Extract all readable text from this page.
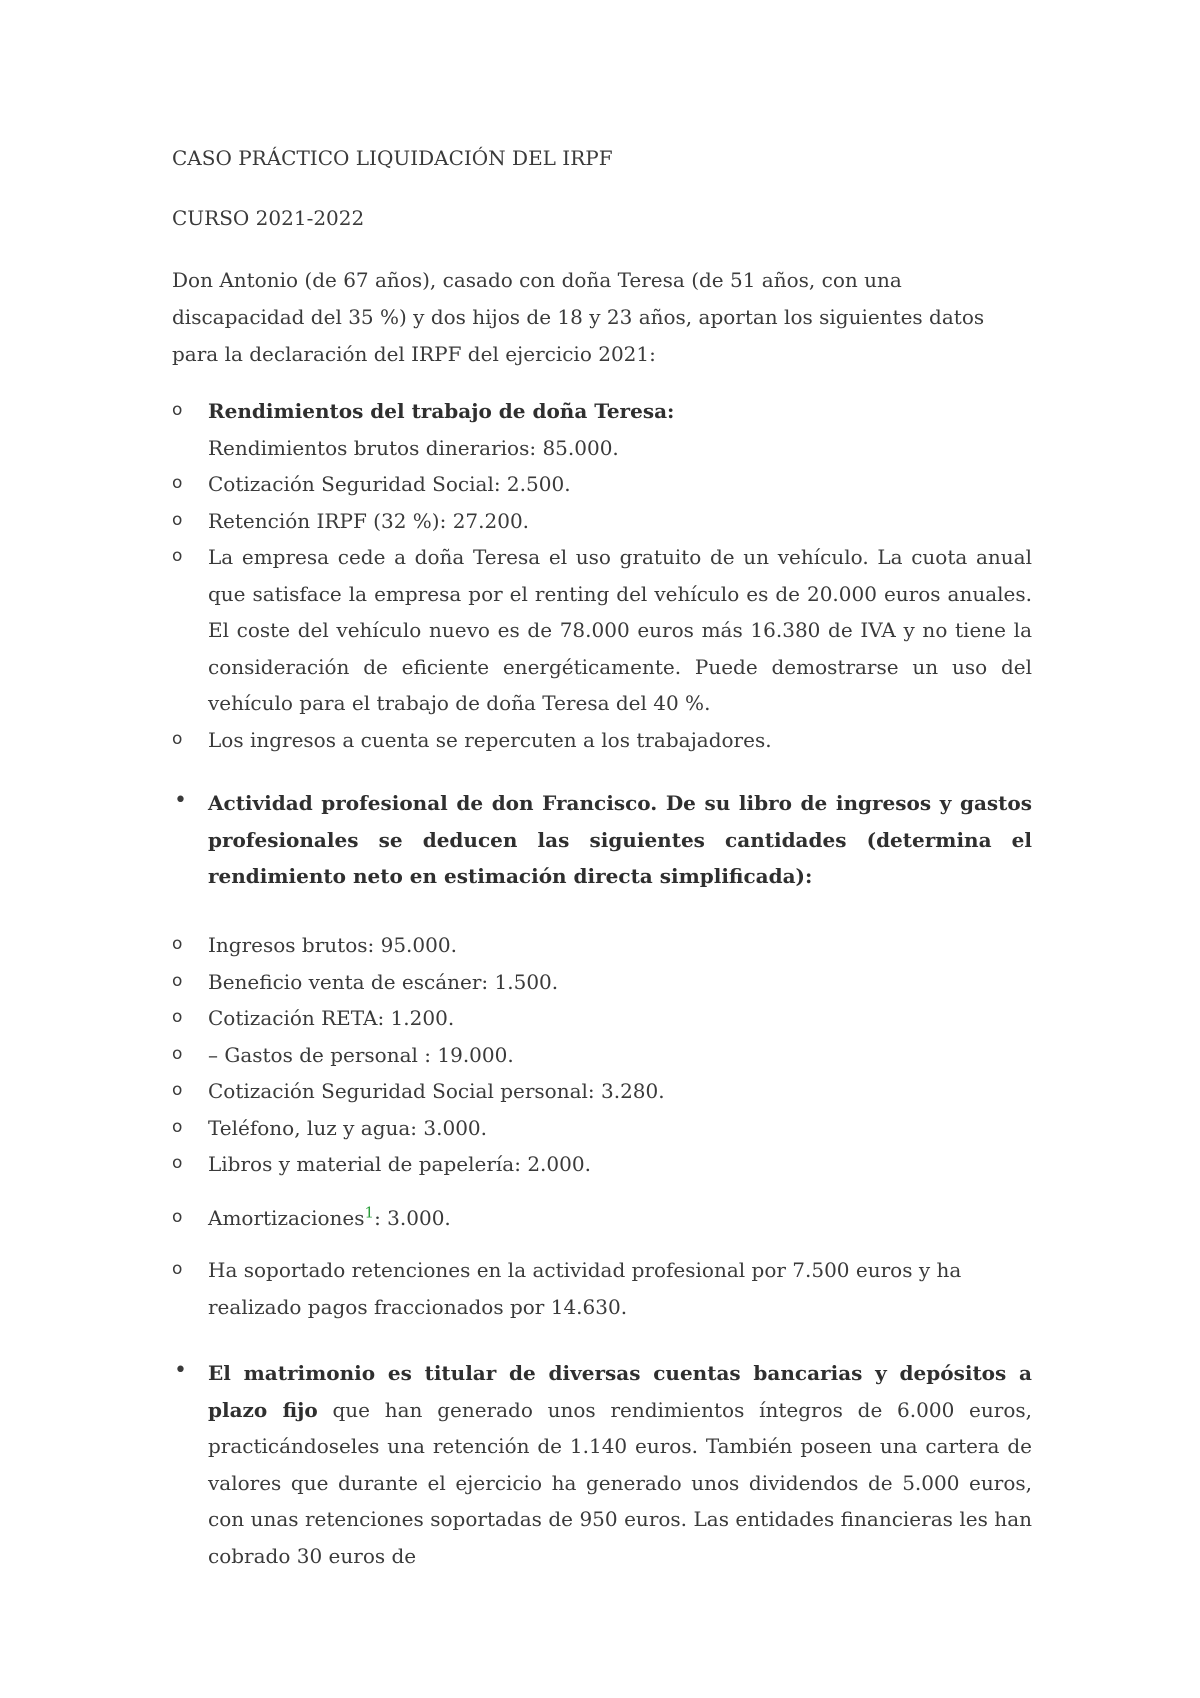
CASO PRÁCTICO LIQUIDACIÓN DEL IRPF

CURSO 2021-2022

Don Antonio (de 67 años), casado con doña Teresa (de 51 años, con una discapacidad del 35 %) y dos hijos de 18 y 23 años, aportan los siguientes datos para la declaración del IRPF del ejercicio 2021:

o Rendimientos del trabajo de doña Teresa:
Rendimientos brutos dinerarios: 85.000.
o Cotización Seguridad Social: 2.500.
o Retención IRPF (32 %): 27.200.
o La empresa cede a doña Teresa el uso gratuito de un vehículo. La cuota anual que satisface la empresa por el renting del vehículo es de 20.000 euros anuales. El coste del vehículo nuevo es de 78.000 euros más 16.380 de IVA y no tiene la consideración de eficiente energéticamente. Puede demostrarse un uso del vehículo para el trabajo de doña Teresa del 40 %.
o Los ingresos a cuenta se repercuten a los trabajadores.
• Actividad profesional de don Francisco. De su libro de ingresos y gastos profesionales se deducen las siguientes cantidades (determina el rendimiento neto en estimación directa simplificada):
o Ingresos brutos: 95.000.
o Beneficio venta de escáner: 1.500.
o Cotización RETA: 1.200.
o – Gastos de personal : 19.000.
o Cotización Seguridad Social personal: 3.280.
o Teléfono, luz y agua: 3.000.
o Libros y material de papelería: 2.000.
o Amortizaciones$^1$: 3.000.
o Ha soportado retenciones en la actividad profesional por 7.500 euros y ha realizado pagos fraccionados por 14.630.
• El matrimonio es titular de diversas cuentas bancarias y depósitos a plazo fijo que han generado unos rendimientos íntegros de 6.000 euros, practicándoseles una retención de 1.140 euros. También poseen una cartera de valores que durante el ejercicio ha generado unos dividendos de 5.000 euros, con unas retenciones soportadas de 950 euros. Las entidades financieras les han cobrado 30 euros de
